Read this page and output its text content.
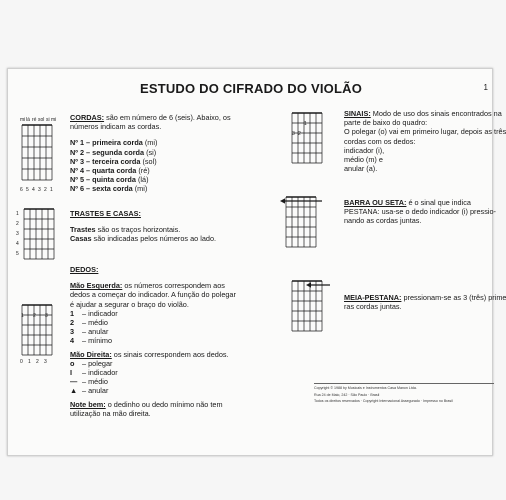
ESTUDO DO CIFRADO DO VIOLÃO	1
mi lá ré sol si mi
6 5 4 3 2 1
1
2
3
4
5
1 2 3
0 1 2 3
1
2
3
CORDAS: são em número de 6 (seis). Abaixo, os
números indicam as cordas.
Nº 1 – primeira corda (mi)
Nº 2 – segunda corda (si)
Nº 3 – terceira corda (sol)
Nº 4 – quarta corda (ré)
Nº 5 – quinta corda (lá)
Nº 6 – sexta corda (mi)
TRASTES E CASAS:
Trastes são os traços horizontais.
Casas são indicadas pelos números ao lado.
DEDOS:
Mão Esquerda: os números correspondem aos
dedos a começar do indicador. A função do polegar
é ajudar a segurar o braço do violão.
1 – indicador
2 – médio
3 – anular
4 – mínimo
Mão Direita: os sinais correspondem aos dedos.
o – polegar
I – indicador
— – médio
▲ – anular
Note bem: o dedinho ou dedo mínimo não tem
utilização na mão direita.
SINAIS: Modo de uso dos sinais encontrados na
parte de baixo do quadro:
O polegar (o) vai em primeiro lugar, depois as três
cordas com os dedos:
indicador (i),
médio (m) e
anular (a).
BARRA OU SETA: é o sinal que indica
PESTANA: usa-se o dedo indicador (i) pressio-
nando as cordas juntas.
MEIA-PESTANA: pressionam-se as 3 (três) prime
ras cordas juntas.
Copyright © 1988 by Musicais e Instrumentos Casa Manon Ltda.
Rua 24 de Maio, 242 · São Paulo · Brasil
Todos os direitos reservados · Copyright Internacional Assegurado · Impresso no Brasil
